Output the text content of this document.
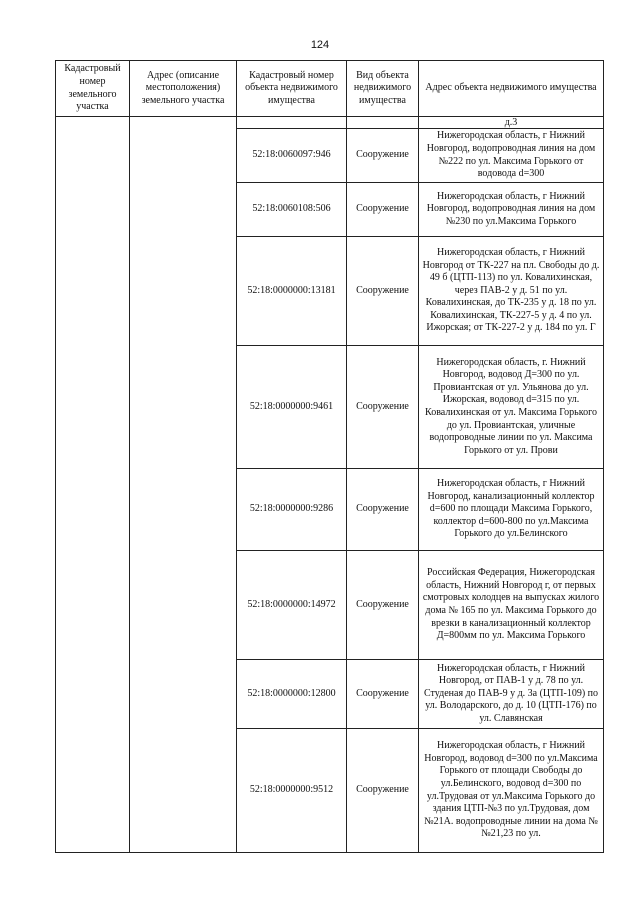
124
Кадастровый номер земельного участка	Адрес (описание местоположения) земельного участка	Кадастровый номер объекта недвижимого имущества	Вид объекта недвижимого имущества	Адрес объекта недвижимого имущества
				д.3
		52:18:0060097:946	Сооружение	Нижегородская область, г Нижний Новгород, водопроводная линия на дом №222 по ул. Максима Горького от водовода d=300
		52:18:0060108:506	Сооружение	Нижегородская область, г Нижний Новгород, водопроводная линия на дом №230 по ул.Максима Горького
		52:18:0000000:13181	Сооружение	Нижегородская область, г Нижний Новгород от ТК-227 на пл. Свободы до д. 49 б (ЦТП-113) по ул. Ковалихинская, через ПАВ-2 у д. 51 по ул. Ковалихинская, до ТК-235 у д. 18 по ул. Ковалихинская, ТК-227-5 у д. 4 по ул. Ижорская; от ТК-227-2 у д. 184 по ул. Г
		52:18:0000000:9461	Сооружение	Нижегородская область, г. Нижний Новгород, водовод Д=300 по ул. Провиантская от ул. Ульянова до ул. Ижорская, водовод d=315 по ул. Ковалихинская от ул. Максима Горького до ул. Провиантская, уличные водопроводные линии по ул. Максима Горького от ул. Прови
		52:18:0000000:9286	Сооружение	Нижегородская область, г Нижний Новгород, канализационный коллектор d=600 по площади Максима Горького, коллектор d=600-800 по ул.Максима Горького до ул.Белинского
		52:18:0000000:14972	Сооружение	Российская Федерация, Нижегородская область, Нижний Новгород г, от первых смотровых колодцев на выпусках жилого дома № 165 по ул. Максима Горького до врезки в канализационный коллектор Д=800мм по ул. Максима Горького
		52:18:0000000:12800	Сооружение	Нижегородская область, г Нижний Новгород, от ПАВ-1 у д. 78 по ул. Студеная до ПАВ-9 у д. 3а (ЦТП-109) по ул. Володарского, до д. 10 (ЦТП-176) по ул. Славянская
		52:18:0000000:9512	Сооружение	Нижегородская область, г Нижний Новгород, водовод d=300 по ул.Максима Горького от площади Свободы до ул.Белинского, водовод d=300 по ул.Трудовая от ул.Максима Горького до здания ЦТП-№3 по ул.Трудовая, дом №21А. водопроводные линии на дома №№21,23 по ул.
